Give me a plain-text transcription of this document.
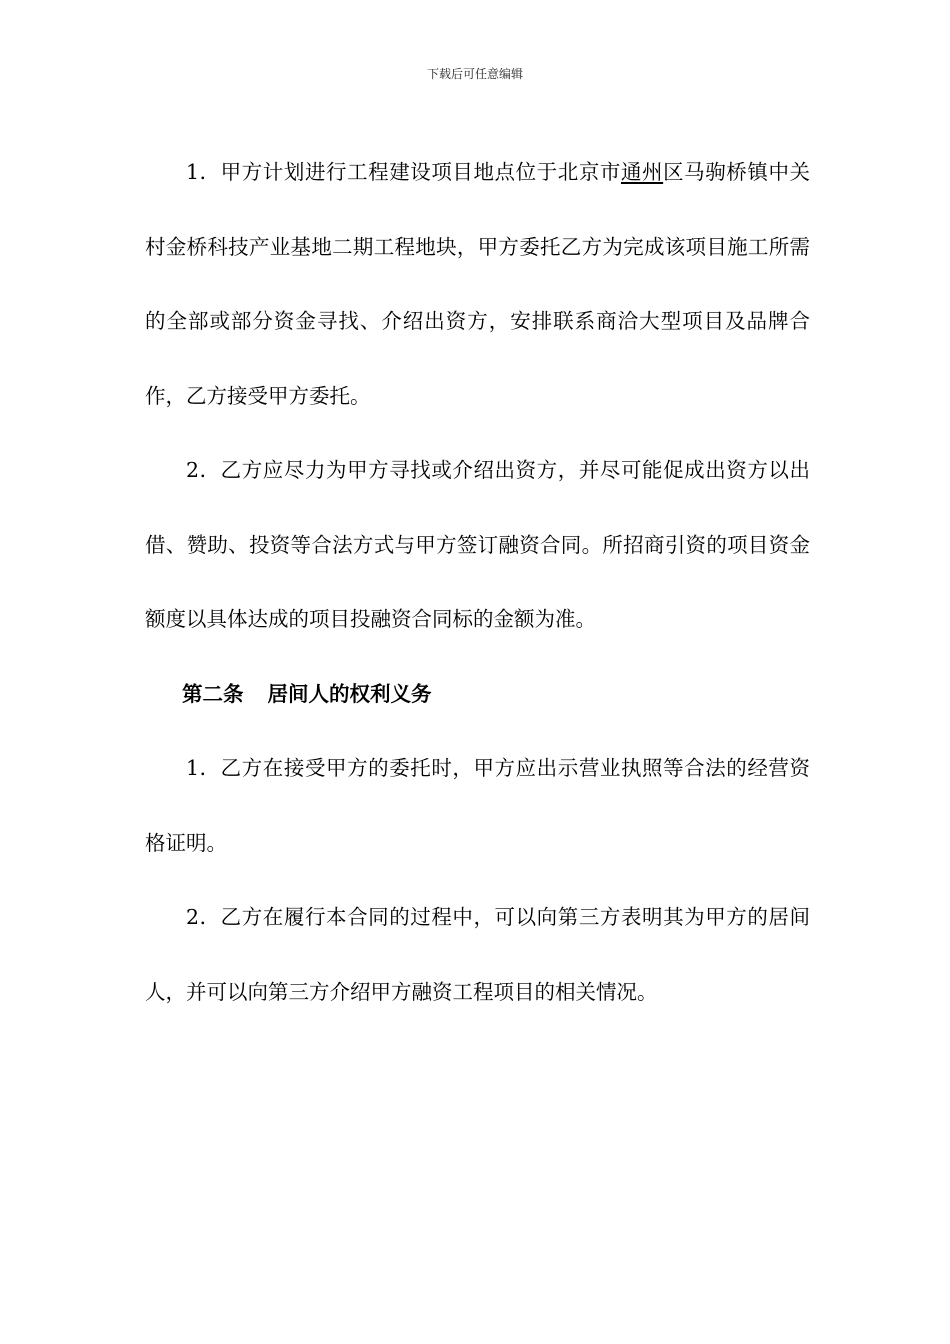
下载后可任意编辑

1．甲方计划进行工程建设项目地点位于北京市通州区马驹桥镇中关村金桥科技产业基地二期工程地块，甲方委托乙方为完成该项目施工所需的全部或部分资金寻找、介绍出资方，安排联系商洽大型项目及品牌合作，乙方接受甲方委托。

2．乙方应尽力为甲方寻找或介绍出资方，并尽可能促成出资方以出借、赞助、投资等合法方式与甲方签订融资合同。所招商引资的项目资金额度以具体达成的项目投融资合同标的金额为准。

第二条 居间人的权利义务

1．乙方在接受甲方的委托时，甲方应出示营业执照等合法的经营资格证明。

2．乙方在履行本合同的过程中，可以向第三方表明其为甲方的居间人，并可以向第三方介绍甲方融资工程项目的相关情况。
